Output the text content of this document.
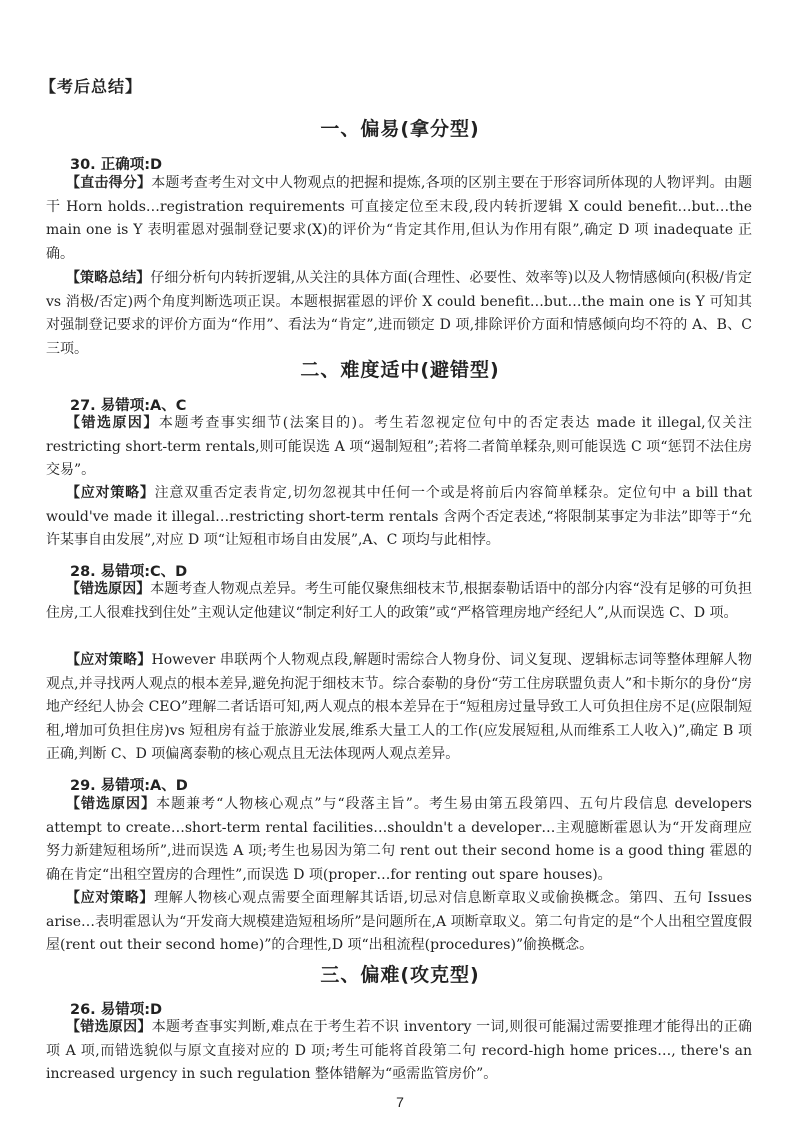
【考后总结】
一、偏易(拿分型)
30. 正确项:D
【直击得分】本题考查考生对文中人物观点的把握和提炼,各项的区别主要在于形容词所体现的人物评判。由题干 Horn holds…registration requirements 可直接定位至末段,段内转折逻辑 X could benefit…but…the main one is Y 表明霍恩对强制登记要求(X)的评价为“肯定其作用,但认为作用有限”,确定 D 项 inadequate 正确。
【策略总结】仔细分析句内转折逻辑,从关注的具体方面(合理性、必要性、效率等)以及人物情感倾向(积极/肯定 vs 消极/否定)两个角度判断选项正误。本题根据霍恩的评价 X could benefit…but…the main one is Y 可知其对强制登记要求的评价方面为“作用”、看法为“肯定”,进而锁定 D 项,排除评价方面和情感倾向均不符的 A、B、C 三项。
二、难度适中(避错型)
27. 易错项:A、C
【错选原因】本题考查事实细节(法案目的)。考生若忽视定位句中的否定表达 made it illegal,仅关注 restricting short-term rentals,则可能误选 A 项“遏制短租”;若将二者简单糅杂,则可能误选 C 项“惩罚不法住房交易”。
【应对策略】注意双重否定表肯定,切勿忽视其中任何一个或是将前后内容简单糅杂。定位句中 a bill that would've made it illegal…restricting short-term rentals 含两个否定表述,“将限制某事定为非法”即等于“允许某事自由发展”,对应 D 项“让短租市场自由发展”,A、C 项均与此相悖。
28. 易错项:C、D
【错选原因】本题考查人物观点差异。考生可能仅聚焦细枝末节,根据泰勒话语中的部分内容“没有足够的可负担住房,工人很难找到住处”主观认定他建议“制定利好工人的政策”或“严格管理房地产经纪人”,从而误选 C、D 项。
【应对策略】However 串联两个人物观点段,解题时需综合人物身份、词义复现、逻辑标志词等整体理解人物观点,并寻找两人观点的根本差异,避免拘泥于细枝末节。综合泰勒的身份“劳工住房联盟负责人”和卡斯尔的身份“房地产经纪人协会 CEO”理解二者话语可知,两人观点的根本差异在于“短租房过量导致工人可负担住房不足(应限制短租,增加可负担住房)vs 短租房有益于旅游业发展,维系大量工人的工作(应发展短租,从而维系工人收入)”,确定 B 项正确,判断 C、D 项偏离泰勒的核心观点且无法体现两人观点差异。
29. 易错项:A、D
【错选原因】本题兼考“人物核心观点”与“段落主旨”。考生易由第五段第四、五句片段信息 developers attempt to create…short-term rental facilities…shouldn't a developer…主观臆断霍恩认为“开发商理应努力新建短租场所”,进而误选 A 项;考生也易因为第二句 rent out their second home is a good thing 霍恩的确在肯定“出租空置房的合理性”,而误选 D 项(proper…for renting out spare houses)。
【应对策略】理解人物核心观点需要全面理解其话语,切忌对信息断章取义或偷换概念。第四、五句 Issues arise…表明霍恩认为“开发商大规模建造短租场所”是问题所在,A 项断章取义。第二句肯定的是“个人出租空置度假屋(rent out their second home)”的合理性,D 项“出租流程(procedures)”偷换概念。
三、偏难(攻克型)
26. 易错项:D
【错选原因】本题考查事实判断,难点在于考生若不识 inventory 一词,则很可能漏过需要推理才能得出的正确项 A 项,而错选貌似与原文直接对应的 D 项;考生可能将首段第二句 record-high home prices…, there's an increased urgency in such regulation 整体错解为“亟需监管房价”。
7
